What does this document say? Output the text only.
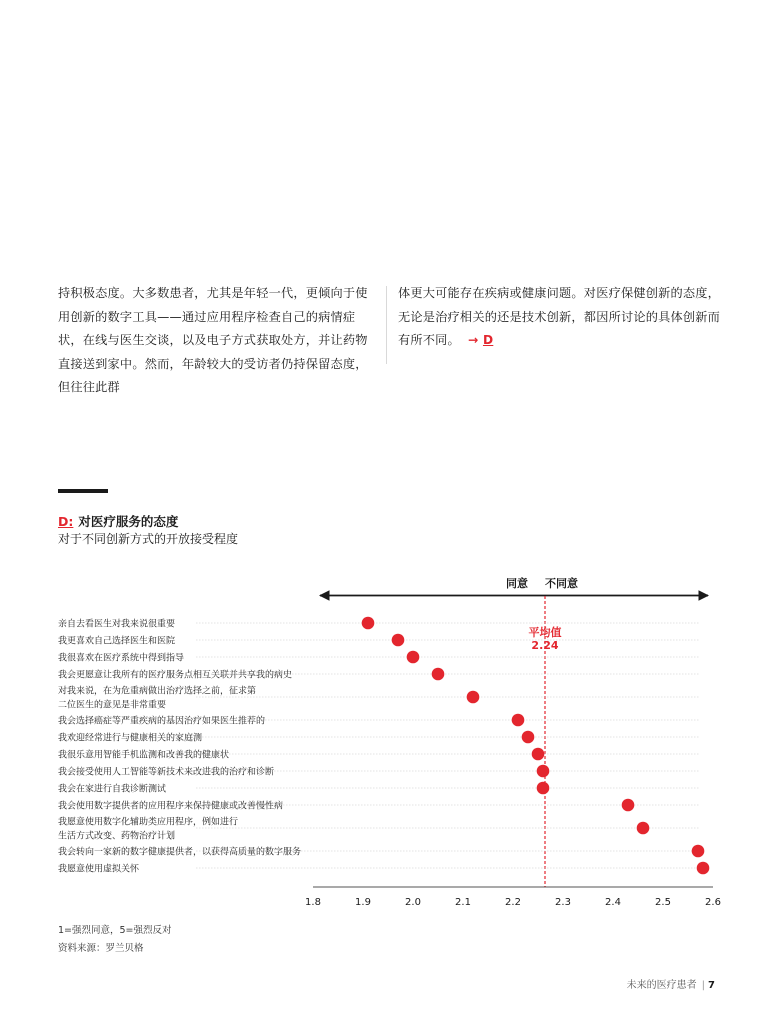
持积极态度。大多数患者，尤其是年轻一代，更倾向于使用创新的数字工具——通过应用程序检查自己的病情症状，在线与医生交谈，以及电子方式获取处方，并让药物直接送到家中。然而，年龄较大的受访者仍持保留态度，但往往此群

体更大可能存在疾病或健康问题。对医疗保健创新的态度，无论是治疗相关的还是技术创新，都因所讨论的具体创新而有所不同。 → D

D: 对医疗服务的态度
对于不同创新方式的开放接受程度
同意 不同意
亲自去看医生对我来说很重要
我更喜欢自己选择医生和医院
我很喜欢在医疗系统中得到指导
我会更愿意让我所有的医疗服务点相互关联并共享我的病史
对我来说，在为危重病做出治疗选择之前，征求第二位医生的意见是非常重要
我会选择癌症等严重疾病的基因治疗如果医生推荐的
我欢迎经常进行与健康相关的家庭测
我很乐意用智能手机监测和改善我的健康状
我会接受使用人工智能等新技术来改进我的治疗和诊断
我会在家进行自我诊断测试
我会使用数字提供者的应用程序来保持健康或改善慢性病
我愿意使用数字化辅助类应用程序，例如进行生活方式改变、药物治疗计划
我会转向一家新的数字健康提供者，以获得高质量的数字服务
我愿意使用虚拟关怀
1.8	1.9	2.0	2.1	2.2	2.3	2.4	2.5	2.6
平均值
2.24
1=强烈同意，5=强烈反对
资料来源：罗兰贝格
未来的医疗患者 | 7
